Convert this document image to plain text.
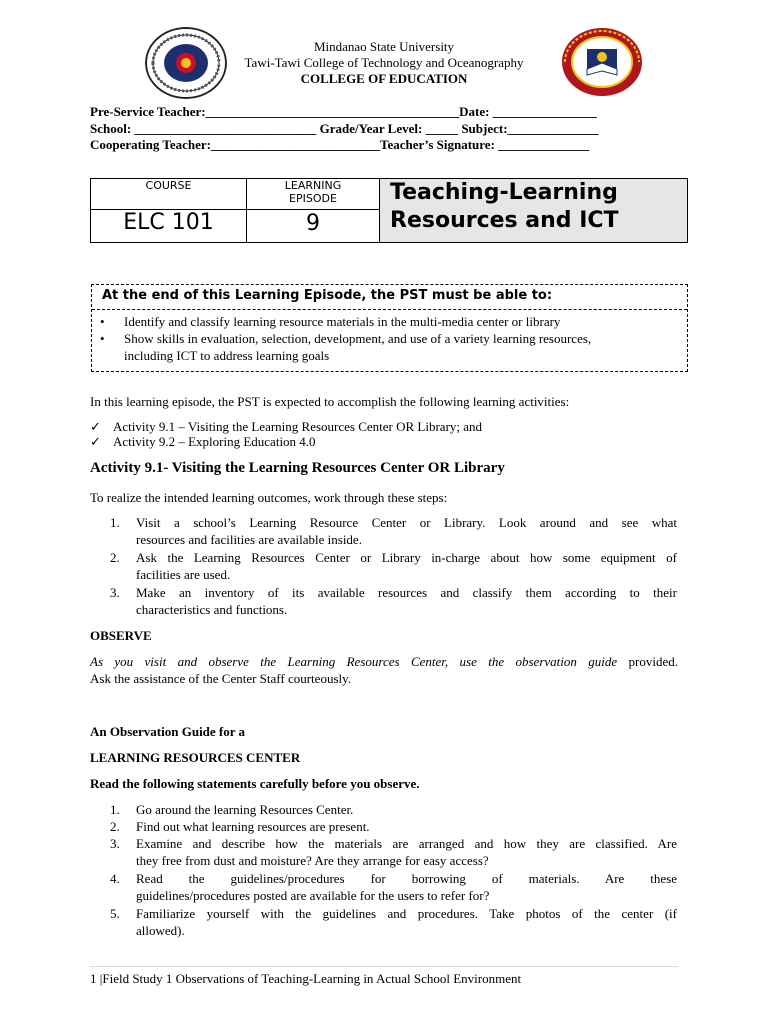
Mindanao State University
Tawi-Tawi College of Technology and Oceanography
COLLEGE OF EDUCATION
Pre-Service Teacher:_______________________________________Date: ________________
School: ____________________________ Grade/Year Level: _____ Subject:______________
Cooperating Teacher:__________________________Teacher’s Signature: ______________
COURSE
ELC 101
LEARNING
EPISODE
9
Teaching-Learning
Resources and ICT
At the end of this Learning Episode, the PST must be able to:
• Identify and classify learning resource materials in the multi-media center or library
• Show skills in evaluation, selection, development, and use of a variety learning resources,
including ICT to address learning goals
In this learning episode, the PST is expected to accomplish the following learning activities:
✓ Activity 9.1 – Visiting the Learning Resources Center OR Library; and
✓ Activity 9.2 – Exploring Education 4.0
Activity 9.1- Visiting the Learning Resources Center OR Library
To realize the intended learning outcomes, work through these steps:
1. Visit a school’s Learning Resource Center or Library. Look around and see what
resources and facilities are available inside.
2. Ask the Learning Resources Center or Library in-charge about how some equipment of
facilities are used.
3. Make an inventory of its available resources and classify them according to their
characteristics and functions.
OBSERVE
As you visit and observe the Learning Resources Center, use the observation guide provided.
Ask the assistance of the Center Staff courteously.
An Observation Guide for a
LEARNING RESOURCES CENTER
Read the following statements carefully before you observe.
1. Go around the learning Resources Center.
2. Find out what learning resources are present.
3. Examine and describe how the materials are arranged and how they are classified. Are
they free from dust and moisture? Are they arrange for easy access?
4. Read the guidelines/procedures for borrowing of materials. Are these
guidelines/procedures posted are available for the users to refer for?
5. Familiarize yourself with the guidelines and procedures. Take photos of the center (if
allowed).
1 |Field Study 1 Observations of Teaching-Learning in Actual School Environment
